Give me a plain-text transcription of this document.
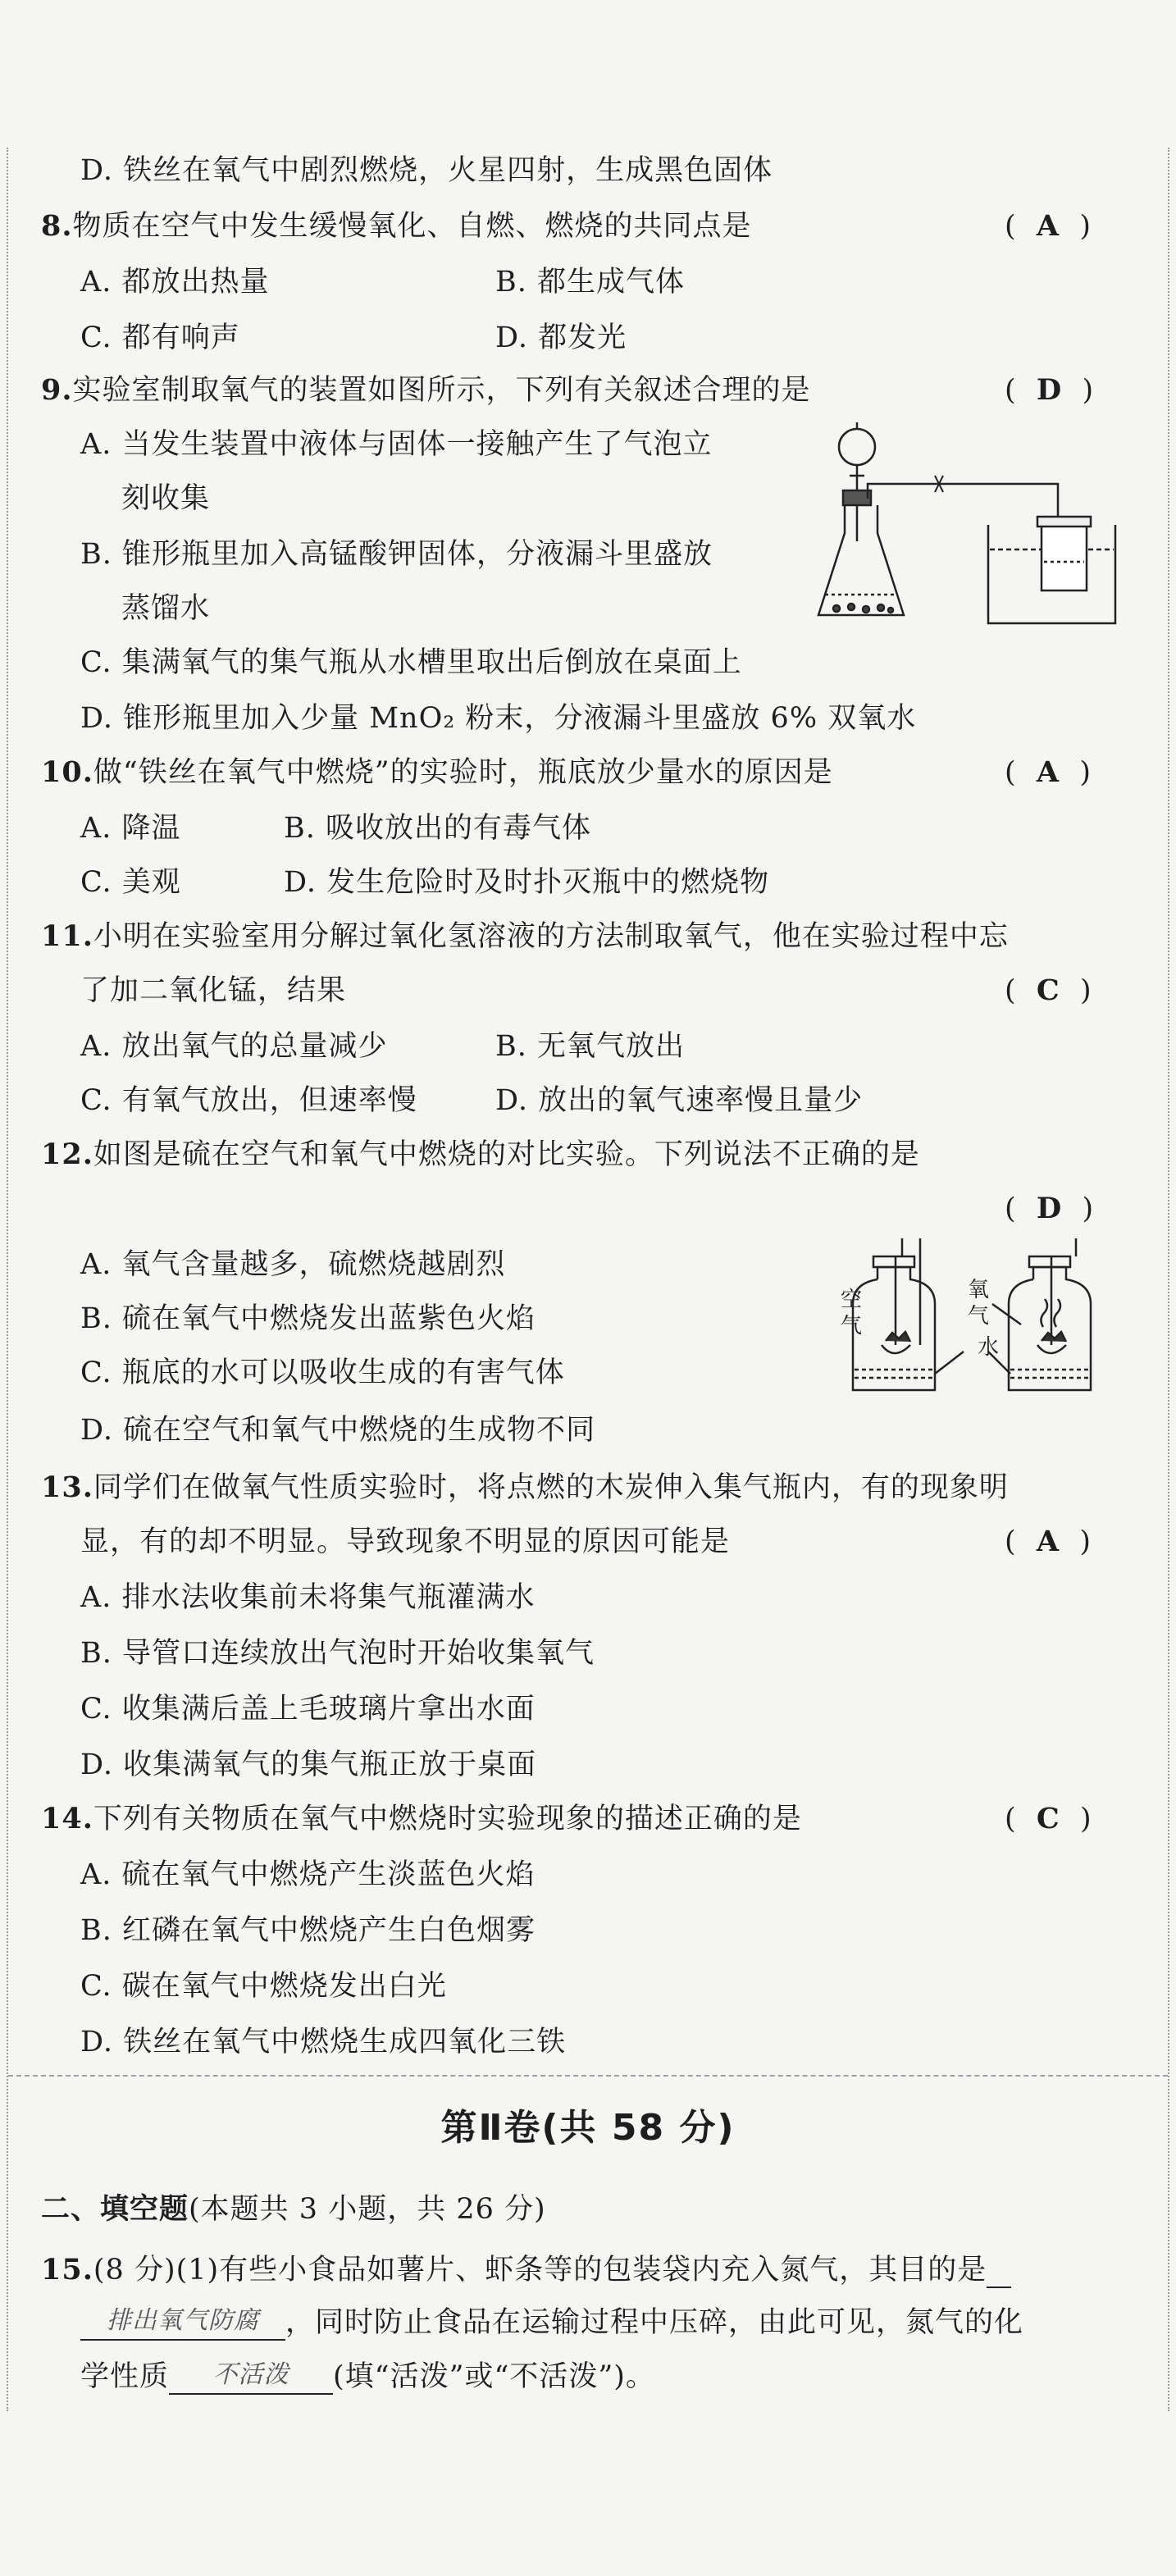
D. 铁丝在氧气中剧烈燃烧，火星四射，生成黑色固体
8.物质在空气中发生缓慢氧化、自燃、燃烧的共同点是	(  A  )
A. 都放出热量	B. 都生成气体
C. 都有响声	D. 都发光
9.实验室制取氧气的装置如图所示，下列有关叙述合理的是	(  D  )
A. 当发生装置中液体与固体一接触产生了气泡立
刻收集
B. 锥形瓶里加入高锰酸钾固体，分液漏斗里盛放
蒸馏水
C. 集满氧气的集气瓶从水槽里取出后倒放在桌面上
D. 锥形瓶里加入少量 MnO₂ 粉末，分液漏斗里盛放 6% 双氧水
10.做“铁丝在氧气中燃烧”的实验时，瓶底放少量水的原因是	(  A  )
A. 降温	B. 吸收放出的有毒气体
C. 美观	D. 发生危险时及时扑灭瓶中的燃烧物
11.小明在实验室用分解过氧化氢溶液的方法制取氧气，他在实验过程中忘
了加二氧化锰，结果	(  C  )
A. 放出氧气的总量减少	B. 无氧气放出
C. 有氧气放出，但速率慢	D. 放出的氧气速率慢且量少
12.如图是硫在空气和氧气中燃烧的对比实验。下列说法不正确的是
(  D  )
A. 氧气含量越多，硫燃烧越剧烈
B. 硫在氧气中燃烧发出蓝紫色火焰
C. 瓶底的水可以吸收生成的有害气体
D. 硫在空气和氧气中燃烧的生成物不同
空
气
氧
气
水
13.同学们在做氧气性质实验时，将点燃的木炭伸入集气瓶内，有的现象明
显，有的却不明显。导致现象不明显的原因可能是	(  A  )
A. 排水法收集前未将集气瓶灌满水
B. 导管口连续放出气泡时开始收集氧气
C. 收集满后盖上毛玻璃片拿出水面
D. 收集满氧气的集气瓶正放于桌面
14.下列有关物质在氧气中燃烧时实验现象的描述正确的是	(  C  )
A. 硫在氧气中燃烧产生淡蓝色火焰
B. 红磷在氧气中燃烧产生白色烟雾
C. 碳在氧气中燃烧发出白光
D. 铁丝在氧气中燃烧生成四氧化三铁
第Ⅱ卷(共 58 分)
二、填空题(本题共 3 小题，共 26 分)
15.(8 分)(1)有些小食品如薯片、虾条等的包装袋内充入氮气，其目的是
排出氧气防腐 ，同时防止食品在运输过程中压碎，由此可见，氮气的化
学性质 不活泼 (填“活泼”或“不活泼”)。
